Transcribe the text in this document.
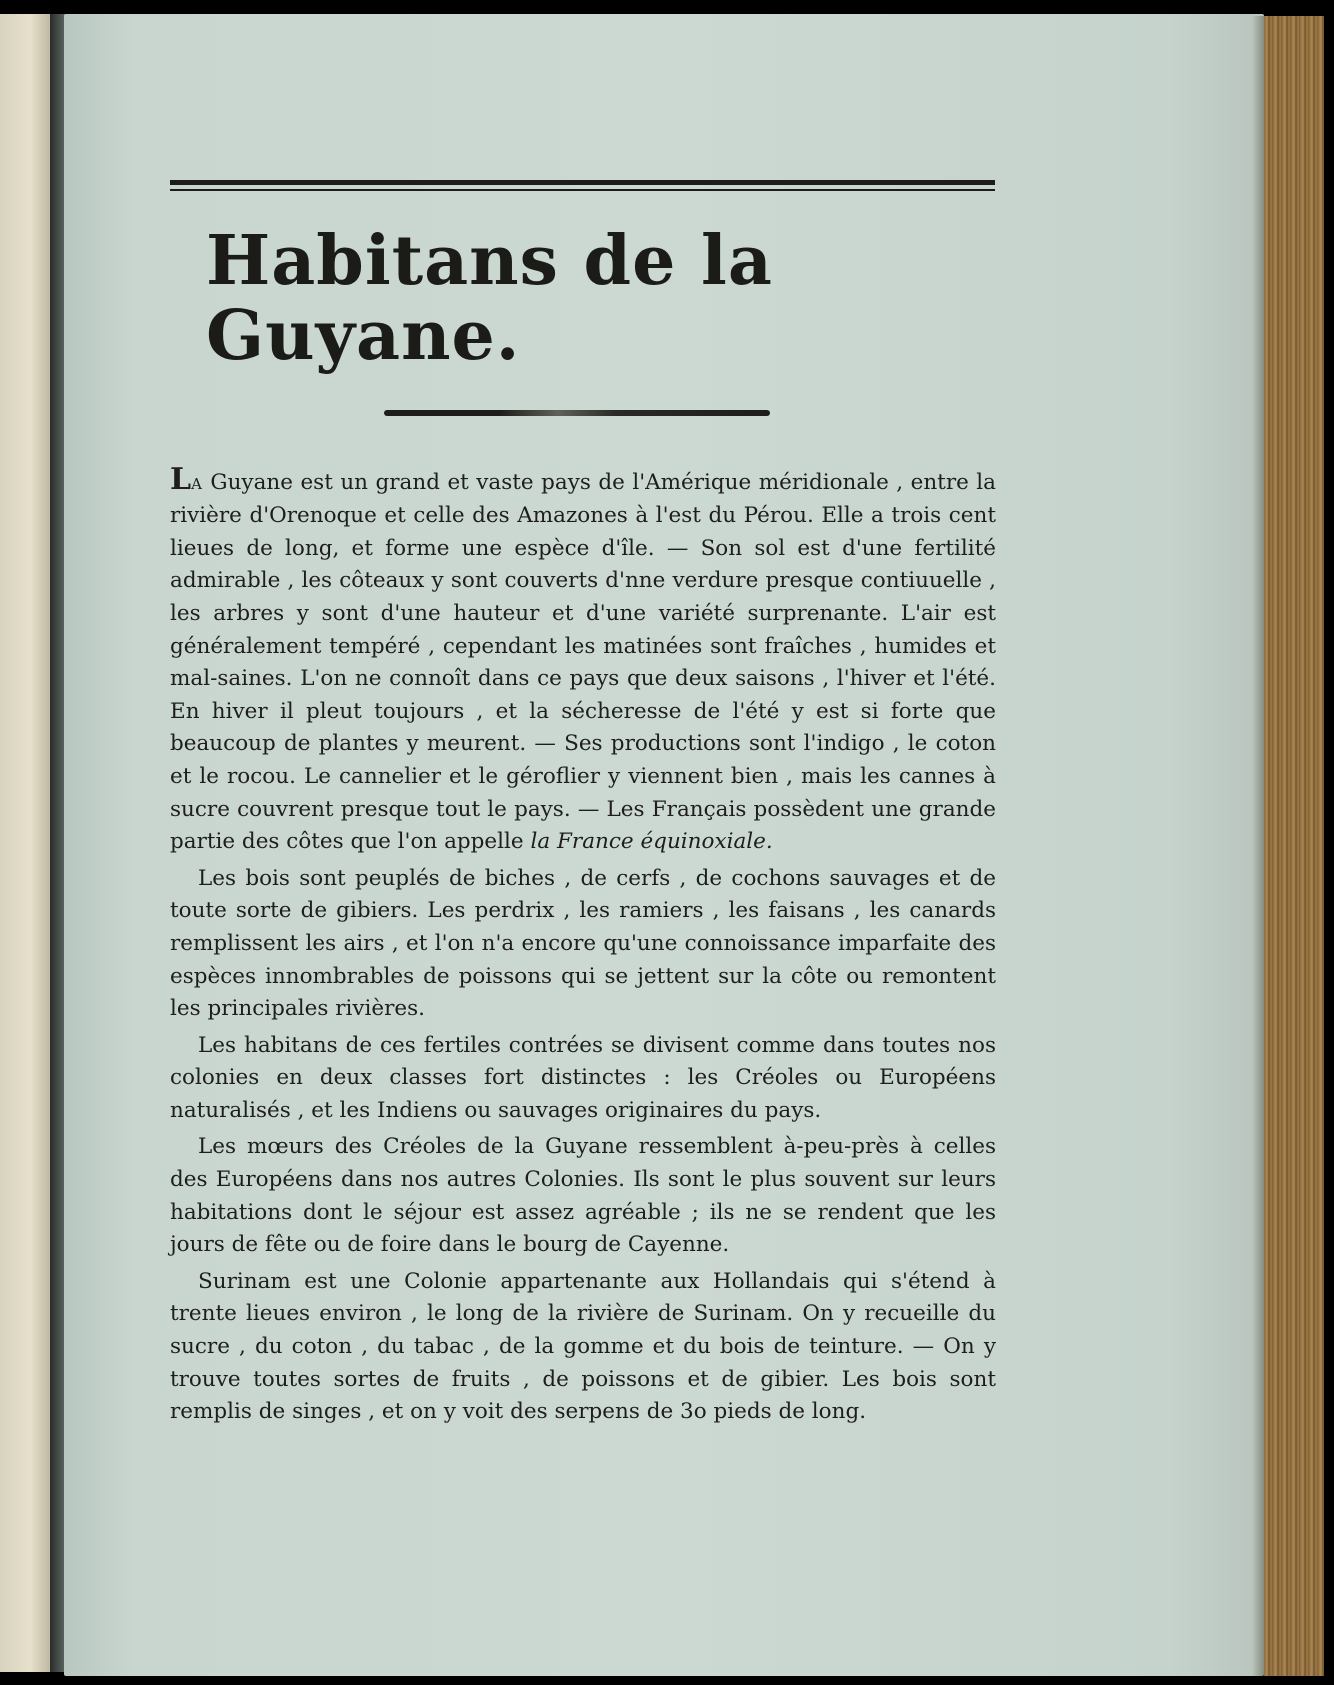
Habitans de la Guyane.

LA Guyane est un grand et vaste pays de l'Amérique méridionale , entre la rivière d'Orenoque et celle des Amazones à l'est du Pérou. Elle a trois cent lieues de long, et forme une espèce d'île. — Son sol est d'une fertilité admirable , les côteaux y sont couverts d'nne verdure presque contiuuelle , les arbres y sont d'une hauteur et d'une variété surprenante. L'air est généralement tempéré , cependant les matinées sont fraîches , humides et mal-saines. L'on ne connoît dans ce pays que deux saisons , l'hiver et l'été. En hiver il pleut toujours , et la sécheresse de l'été y est si forte que beaucoup de plantes y meurent. — Ses productions sont l'indigo , le coton et le rocou. Le cannelier et le géroflier y viennent bien , mais les cannes à sucre couvrent presque tout le pays. — Les Français possèdent une grande partie des côtes que l'on appelle la France équinoxiale.

Les bois sont peuplés de biches , de cerfs , de cochons sauvages et de toute sorte de gibiers. Les perdrix , les ramiers , les faisans , les canards remplissent les airs , et l'on n'a encore qu'une connoissance imparfaite des espèces innombrables de poissons qui se jettent sur la côte ou remontent les principales rivières.

Les habitans de ces fertiles contrées se divisent comme dans toutes nos colonies en deux classes fort distinctes : les Créoles ou Européens naturalisés , et les Indiens ou sauvages originaires du pays.

Les mœurs des Créoles de la Guyane ressemblent à-peu-près à celles des Européens dans nos autres Colonies. Ils sont le plus souvent sur leurs habitations dont le séjour est assez agréable ; ils ne se rendent que les jours de fête ou de foire dans le bourg de Cayenne.

Surinam est une Colonie appartenante aux Hollandais qui s'étend à trente lieues environ , le long de la rivière de Surinam. On y recueille du sucre , du coton , du tabac , de la gomme et du bois de teinture. — On y trouve toutes sortes de fruits , de poissons et de gibier. Les bois sont remplis de singes , et on y voit des serpens de 3o pieds de long.
